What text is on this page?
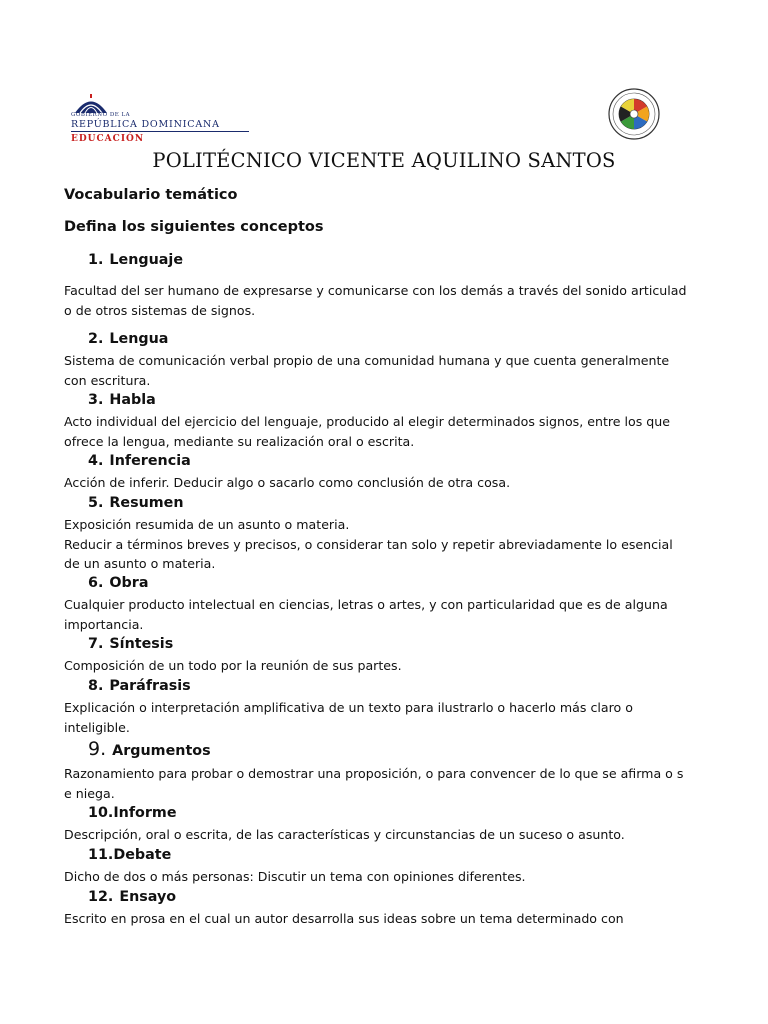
GOBIERNO DE LA
REPÚBLICA DOMINICANA
EDUCACIÓN
POLITÉCNICO VICENTE AQUILINO SANTOS
Vocabulario temático
Defina los siguientes conceptos
1. Lenguaje
Facultad del ser humano de expresarse y comunicarse con los demás a través del sonido articulad
o de otros sistemas de signos.
2. Lengua
Sistema de comunicación verbal propio de una comunidad humana y que cuenta generalmente
con escritura.
3. Habla
Acto individual del ejercicio del lenguaje, producido al elegir determinados signos, entre los que
ofrece la lengua, mediante su realización oral o escrita.
4. Inferencia
Acción de inferir. Deducir algo o sacarlo como conclusión de otra cosa.
5. Resumen
Exposición resumida de un asunto o materia.
Reducir a términos breves y precisos, o considerar tan solo y repetir abreviadamente lo esencial
de un asunto o materia.
6. Obra
Cualquier producto intelectual en ciencias, letras o artes, y con particularidad que es de alguna
importancia.
7. Síntesis
Composición de un todo por la reunión de sus partes.
8. Paráfrasis
Explicación o interpretación amplificativa de un texto para ilustrarlo o hacerlo más claro o
inteligible.
9. Argumentos
Razonamiento para probar o demostrar una proposición, o para convencer de lo que se afirma o s
e niega.
10.Informe
Descripción, oral o escrita, de las características y circunstancias de un suceso o asunto.
11.Debate
Dicho de dos o más personas: Discutir un tema con opiniones diferentes.
12. Ensayo
Escrito en prosa en el cual un autor desarrolla sus ideas sobre un tema determinado con
